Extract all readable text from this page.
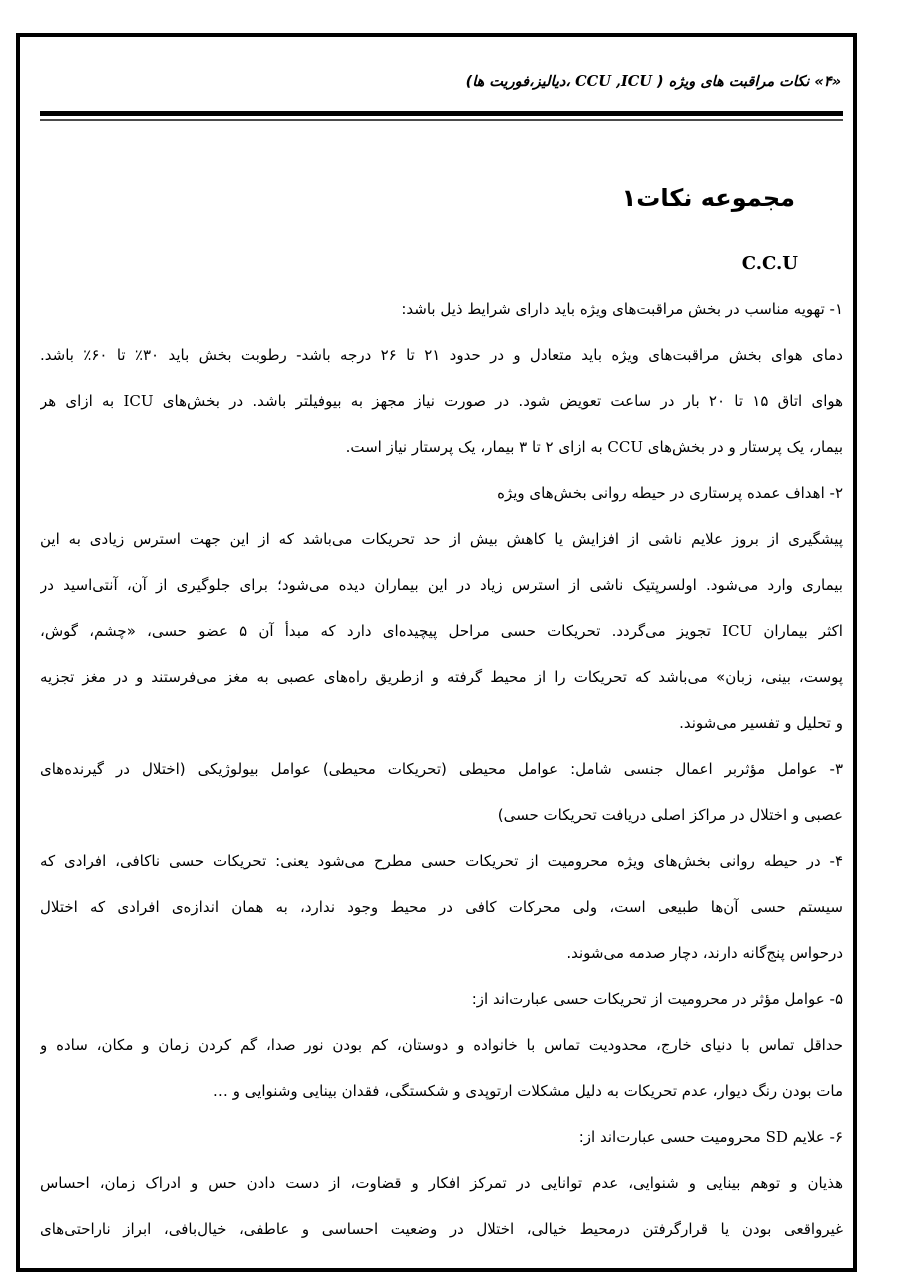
«۴» نکات مراقبت های ویژه ( CCU ,ICU ،دیالیز،فوریت ها)
مجموعه نکات۱
C.C.U
۱- تهویه مناسب در بخش مراقبت‌های ویژه باید دارای شرایط ذیل باشد:
دمای هوای بخش مراقبت‌های ویژه باید متعادل و در حدود ۲۱ تا ۲۶ درجه باشد- رطوبت بخش باید ۳۰٪ تا ۶۰٪ باشد.
هوای اتاق ۱۵ تا ۲۰ بار در ساعت تعویض شود. در صورت نیاز مجهز به بیوفیلتر باشد. در بخش‌های ICU به ازای هر
بیمار، یک پرستار و در بخش‌های CCU به ازای ۲ تا ۳ بیمار، یک پرستار نیاز است.
۲- اهداف عمده پرستاری در حیطه روانی بخش‌های ویژه
پیشگیری از بروز علایم ناشی از افزایش یا کاهش بیش از حد تحریکات می‌باشد که از این جهت استرس زیادی به این
بیماری وارد می‌شود. اولسرپتیک ناشی از استرس زیاد در این بیماران دیده می‌شود؛ برای جلوگیری از آن، آنتی‌اسید در
اکثر بیماران ICU تجویز می‌گردد. تحریکات حسی مراحل پیچیده‌ای دارد که مبدأ آن ۵ عضو حسی، «چشم، گوش،
پوست، بینی، زبان» می‌باشد که تحریکات را از محیط گرفته و ازطریق راه‌های عصبی به مغز می‌فرستند و در مغز تجزیه
و تحلیل و تفسیر می‌شوند.
۳- عوامل مؤثربر اعمال جنسی شامل: عوامل محیطی (تحریکات محیطی) عوامل بیولوژیکی (اختلال در گیرنده‌های
عصبی و اختلال در مراکز اصلی دریافت تحریکات حسی)
۴- در حیطه روانی بخش‌های ویژه محرومیت از تحریکات حسی مطرح می‌شود یعنی: تحریکات حسی ناکافی، افرادی که
سیستم حسی آن‌ها طبیعی است، ولی محرکات کافی در محیط وجود ندارد، به همان اندازه‌ی افرادی که اختلال
درحواس پنج‌گانه دارند، دچار صدمه می‌شوند.
۵- عوامل مؤثر در محرومیت از تحریکات حسی عبارت‌اند از:
حداقل تماس با دنیای خارج، محدودیت تماس با خانواده و دوستان، کم بودن نور صدا، گم کردن زمان و مکان، ساده و
مات بودن رنگ دیوار، عدم تحریکات به دلیل مشکلات ارتوپدی و شکستگی، فقدان بینایی وشنوایی و …
۶- علایم SD محرومیت حسی عبارت‌اند از:
هذیان و توهم بینایی و شنوایی، عدم توانایی در تمرکز افکار و قضاوت، از دست دادن حس و ادراک زمان، احساس
غیرواقعی بودن یا قرارگرفتن درمحیط خیالی، اختلال در وضعیت احساسی و عاطفی، خیال‌بافی، ابراز ناراحتی‌های
